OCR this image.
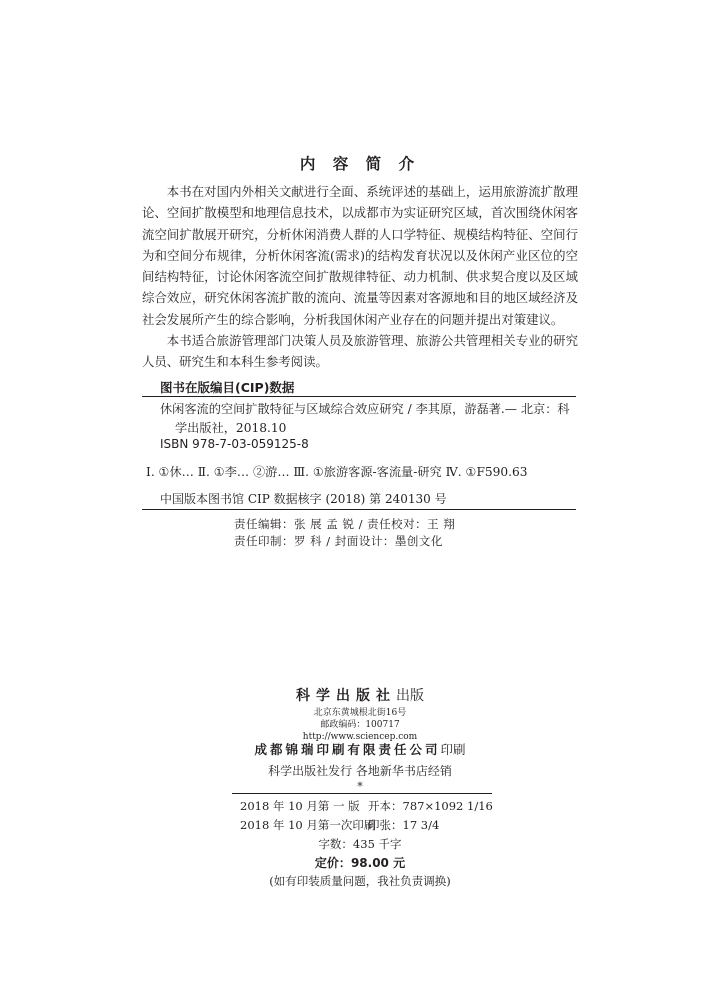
内 容 简 介

本书在对国内外相关文献进行全面、系统评述的基础上，运用旅游流扩散理论、空间扩散模型和地理信息技术，以成都市为实证研究区域，首次围绕休闲客流空间扩散展开研究，分析休闲消费人群的人口学特征、规模结构特征、空间行为和空间分布规律，分析休闲客流(需求)的结构发育状况以及休闲产业区位的空间结构特征，讨论休闲客流空间扩散规律特征、动力机制、供求契合度以及区域综合效应，研究休闲客流扩散的流向、流量等因素对客源地和目的地区域经济及社会发展所产生的综合影响，分析我国休闲产业存在的问题并提出对策建议。

本书适合旅游管理部门决策人员及旅游管理、旅游公共管理相关专业的研究人员、研究生和本科生参考阅读。

图书在版编目(CIP)数据
休闲客流的空间扩散特征与区域综合效应研究 / 李其原，游磊著.— 北京：科学出版社，2018.10
ISBN 978-7-03-059125-8
Ⅰ. ①休… Ⅱ. ①李… ②游… Ⅲ. ①旅游客源-客流量-研究 Ⅳ. ①F590.63
中国版本图书馆 CIP 数据核字 (2018) 第 240130 号
责任编辑：张 展 孟 锐 / 责任校对：王 翔
责任印制：罗 科 / 封面设计：墨创文化
科学出版社出版
北京东黄城根北街16号
邮政编码：100717
http://www.sciencep.com
成都锦瑞印刷有限责任公司印刷
科学出版社发行 各地新华书店经销
*
2018 年 10 月第 一 版 开本：787×1092 1/16
2018 年 10 月第一次印刷
印张：17 3/4
字数：435 千字
定价：98.00 元
(如有印装质量问题，我社负责调换)
